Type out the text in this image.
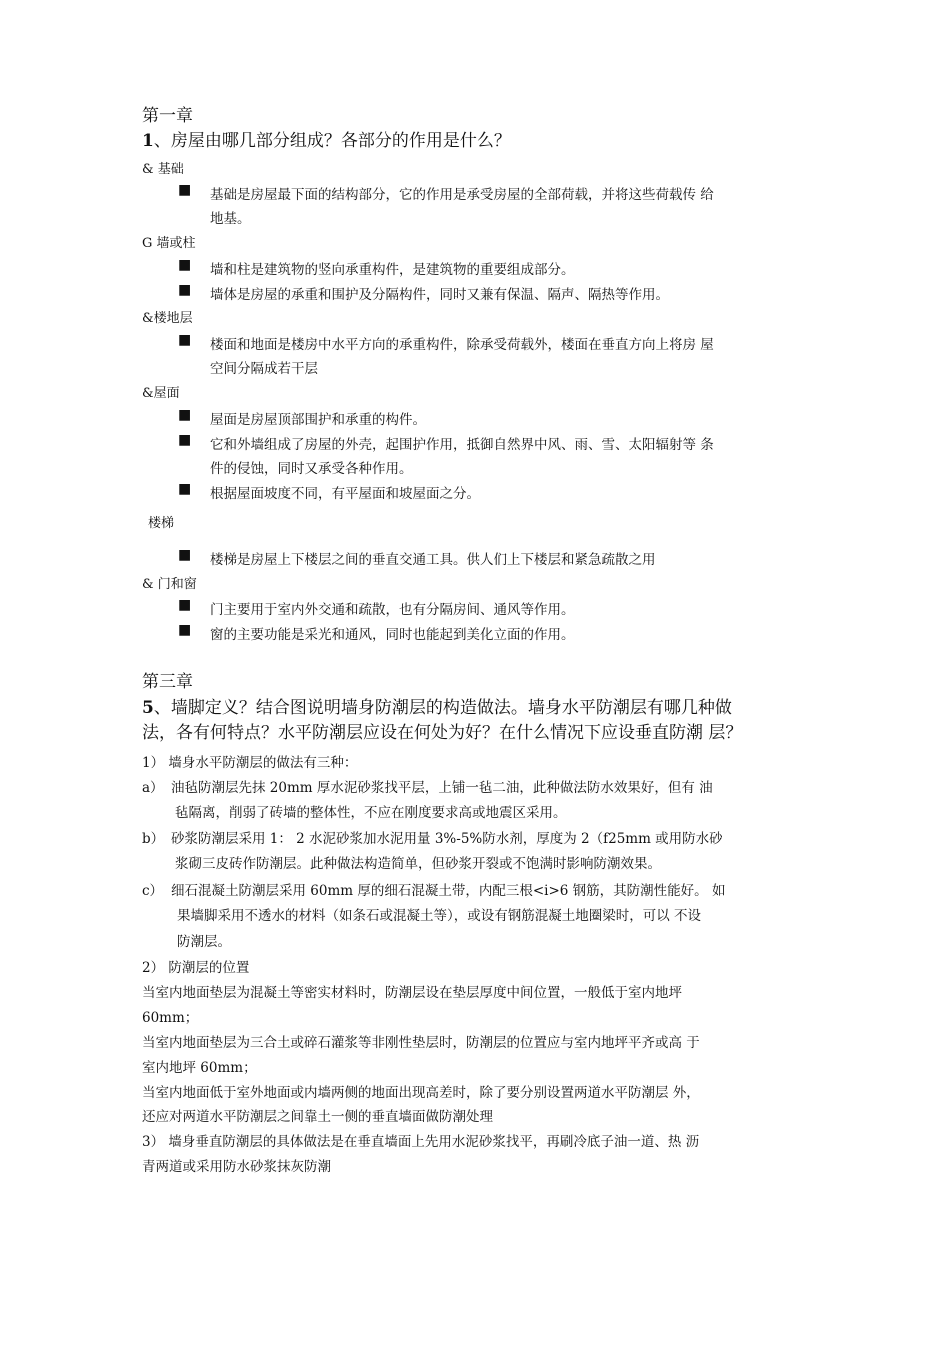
第一章
1、房屋由哪几部分组成？各部分的作用是什么？
& 基础
■ 基础是房屋最下面的结构部分，它的作用是承受房屋的全部荷载，并将这些荷载传 给
地基。
G 墙或柱
■ 墙和柱是建筑物的竖向承重构件，是建筑物的重要组成部分。
■ 墙体是房屋的承重和围护及分隔构件，同时又兼有保温、隔声、隔热等作用。
&楼地层
■ 楼面和地面是楼房中水平方向的承重构件，除承受荷载外，楼面在垂直方向上将房 屋
空间分隔成若干层
&屋面
■ 屋面是房屋顶部围护和承重的构件。
■ 它和外墙组成了房屋的外壳，起围护作用，抵御自然界中风、雨、雪、太阳辐射等 条
件的侵蚀，同时又承受各种作用。
■ 根据屋面坡度不同，有平屋面和坡屋面之分。
楼梯
■ 楼梯是房屋上下楼层之间的垂直交通工具。供人们上下楼层和紧急疏散之用
& 门和窗
■ 门主要用于室内外交通和疏散，也有分隔房间、通风等作用。
■ 窗的主要功能是采光和通风，同时也能起到美化立面的作用。
第三章
5、墙脚定义？结合图说明墙身防潮层的构造做法。墙身水平防潮层有哪几种做
法，各有何特点？水平防潮层应设在何处为好？在什么情况下应设垂直防潮 层？
1） 墙身水平防潮层的做法有三种：
a） 油毡防潮层先抹 20mm 厚水泥砂浆找平层，上铺一毡二油，此种做法防水效果好，但有 油
毡隔离，削弱了砖墙的整体性，不应在刚度要求高或地震区采用。
b） 砂浆防潮层采用 1： 2 水泥砂浆加水泥用量 3%-5%防水剂，厚度为 2（f25mm 或用防水砂
浆砌三皮砖作防潮层。此种做法构造简单，但砂浆开裂或不饱满时影响防潮效果。
c） 细石混凝土防潮层采用 60mm 厚的细石混凝土带，内配三根<i>6 钢筋，其防潮性能好。 如
果墙脚采用不透水的材料（如条石或混凝土等），或设有钢筋混凝土地圈梁时，可以 不设
防潮层。
2） 防潮层的位置
当室内地面垫层为混凝土等密实材料时，防潮层设在垫层厚度中间位置，一般低于室内地坪
60mm；
当室内地面垫层为三合土或碎石灌浆等非刚性垫层时，防潮层的位置应与室内地坪平齐或高 于
室内地坪 60mm；
当室内地面低于室外地面或内墙两侧的地面出现高差时，除了要分别设置两道水平防潮层 外，
还应对两道水平防潮层之间靠土一侧的垂直墙面做防潮处理
3） 墙身垂直防潮层的具体做法是在垂直墙面上先用水泥砂浆找平，再刷冷底子油一道、热 沥
青两道或采用防水砂浆抹灰防潮
